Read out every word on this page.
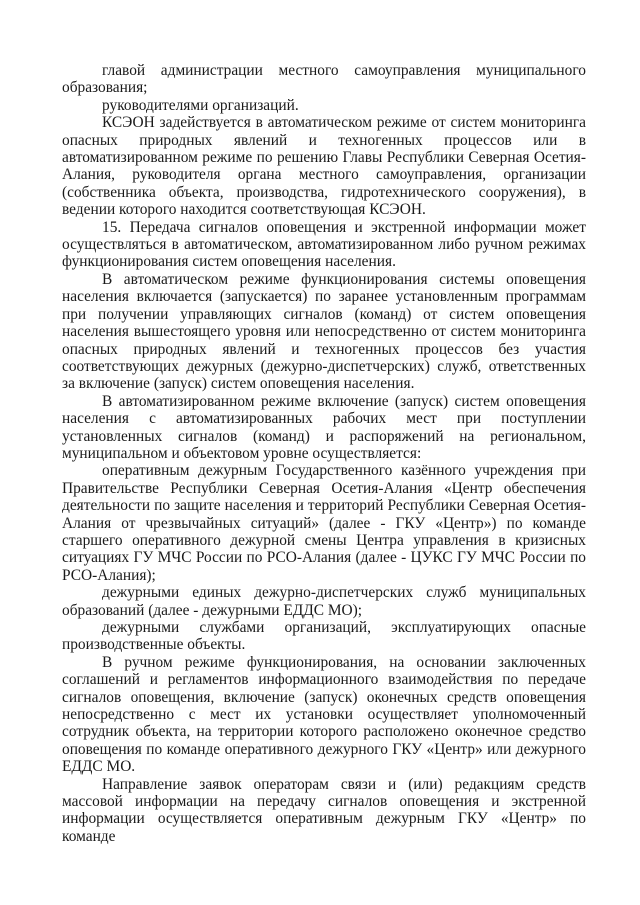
главой администрации местного самоуправления муниципального образования;

руководителями организаций.

КСЭОН задействуется в автоматическом режиме от систем мониторинга опасных природных явлений и техногенных процессов или в автоматизированном режиме по решению Главы Республики Северная Осетия-Алания, руководителя органа местного самоуправления, организации (собственника объекта, производства, гидротехнического сооружения), в ведении которого находится соответствующая КСЭОН.

15. Передача сигналов оповещения и экстренной информации может осуществляться в автоматическом, автоматизированном либо ручном режимах функционирования систем оповещения населения.

В автоматическом режиме функционирования системы оповещения населения включается (запускается) по заранее установленным программам при получении управляющих сигналов (команд) от систем оповещения населения вышестоящего уровня или непосредственно от систем мониторинга опасных природных явлений и техногенных процессов без участия соответствующих дежурных (дежурно-диспетчерских) служб, ответственных за включение (запуск) систем оповещения населения.

В автоматизированном режиме включение (запуск) систем оповещения населения с автоматизированных рабочих мест при поступлении установленных сигналов (команд) и распоряжений на региональном, муниципальном и объектовом уровне осуществляется:

оперативным дежурным Государственного казённого учреждения при Правительстве Республики Северная Осетия-Алания «Центр обеспечения деятельности по защите населения и территорий Республики Северная Осетия-Алания от чрезвычайных ситуаций» (далее - ГКУ «Центр») по команде старшего оперативного дежурной смены Центра управления в кризисных ситуациях ГУ МЧС России по РСО-Алания (далее - ЦУКС ГУ МЧС России по РСО-Алания);

дежурными единых дежурно-диспетчерских служб муниципальных образований (далее - дежурными ЕДДС МО);

дежурными службами организаций, эксплуатирующих опасные производственные объекты.

В ручном режиме функционирования, на основании заключенных соглашений и регламентов информационного взаимодействия по передаче сигналов оповещения, включение (запуск) оконечных средств оповещения непосредственно с мест их установки осуществляет уполномоченный сотрудник объекта, на территории которого расположено оконечное средство оповещения по команде оперативного дежурного ГКУ «Центр» или дежурного ЕДДС МО.

Направление заявок операторам связи и (или) редакциям средств массовой информации на передачу сигналов оповещения и экстренной информации осуществляется оперативным дежурным ГКУ «Центр» по команде
